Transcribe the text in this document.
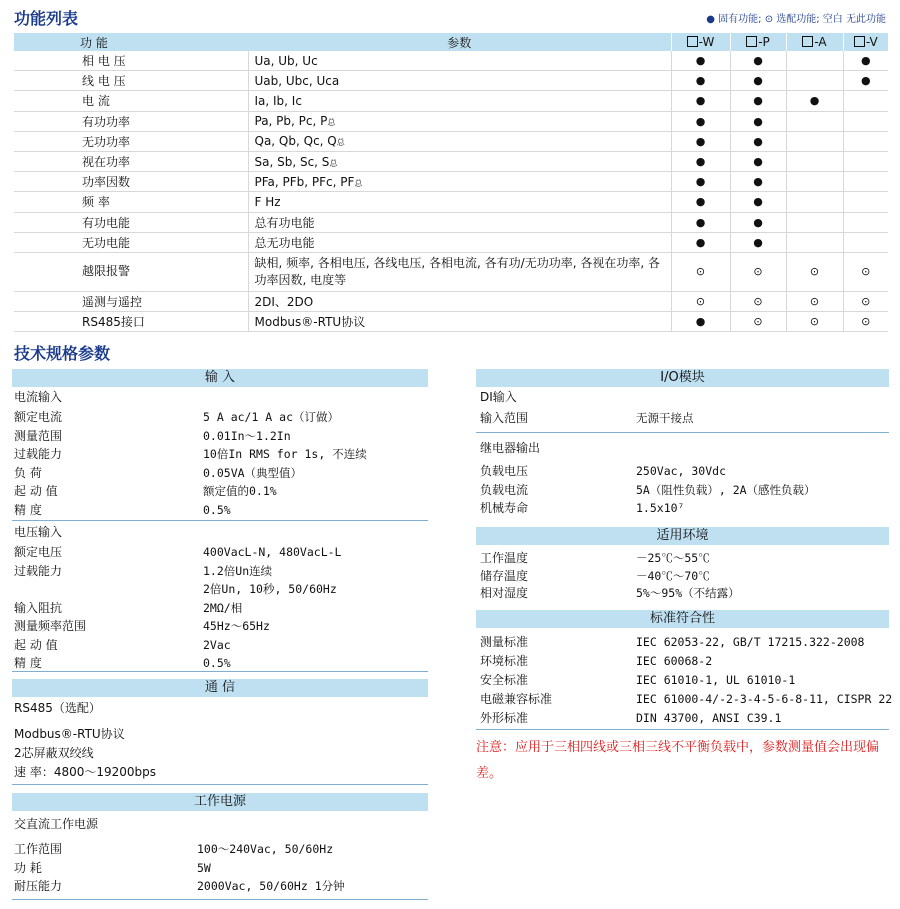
功能列表	● 固有功能; ⊙ 选配功能; 空白 无此功能
功 能	参数	-W	-P	-A	-V
相 电 压	Ua, Ub, Uc	●	●		●
线 电 压	Uab, Ubc, Uca	●	●		●
电 流	Ia, Ib, Ic	●	●	●	
有功功率	Pa, Pb, Pc, P总	●	●		
无功功率	Qa, Qb, Qc, Q总	●	●		
视在功率	Sa, Sb, Sc, S总	●	●		
功率因数	PFa, PFb, PFc, PF总	●	●		
频 率	F Hz	●	●		
有功电能	总有功电能	●	●		
无功电能	总无功电能	●	●		
越限报警	缺相, 频率, 各相电压, 各线电压, 各相电流, 各有功/无功功率, 各视在功率, 各功率因数, 电度等	⊙	⊙	⊙	⊙
遥测与遥控	2DI、2DO	⊙	⊙	⊙	⊙
RS485接口	Modbus®-RTU协议	●	⊙	⊙	⊙
技术规格参数
输 入
电流输入
额定电流	5 A ac/1 A ac（订做）
测量范围	0.01In～1.2In
过载能力	10倍In RMS for 1s, 不连续
负 荷	0.05VA（典型值）
起 动 值	额定值的0.1%
精 度	0.5%
电压输入
额定电压	400VacL-N, 480VacL-L
过载能力	1.2倍Un连续
2倍Un, 10秒, 50/60Hz
输入阻抗	2MΩ/相
测量频率范围	45Hz～65Hz
起 动 值	2Vac
精 度	0.5%
通 信
RS485（选配）
Modbus®-RTU协议
2芯屏蔽双绞线
速 率：4800～19200bps
工作电源
交直流工作电源
工作范围	100～240Vac, 50/60Hz
功 耗	5W
耐压能力	2000Vac, 50/60Hz 1分钟
I/O模块
DI输入
输入范围	无源干接点
继电器输出
负载电压	250Vac, 30Vdc
负载电流	5A（阻性负载）, 2A（感性负载）
机械寿命	1.5x10⁷
适用环境
工作温度	－25℃～55℃
储存温度	－40℃～70℃
相对湿度	5%～95%（不结露）
标准符合性
测量标准	IEC 62053-22, GB/T 17215.322-2008
环境标准	IEC 60068-2
安全标准	IEC 61010-1, UL 61010-1
电磁兼容标准	IEC 61000-4/-2-3-4-5-6-8-11, CISPR 22
外形标准	DIN 43700, ANSI C39.1
注意：应用于三相四线或三相三线不平衡负载中，参数测量值会出现偏差。
